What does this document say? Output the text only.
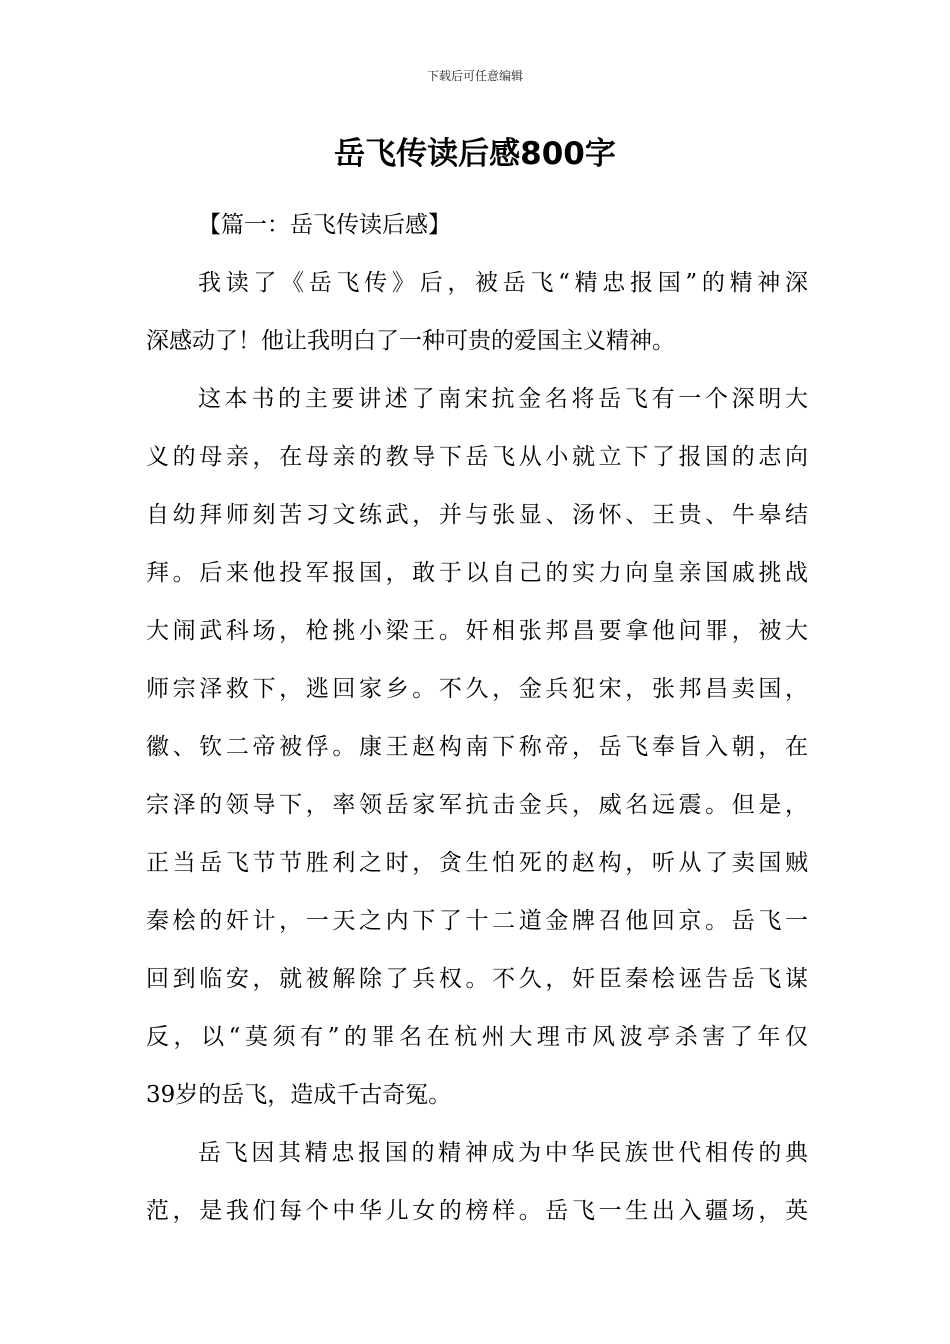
下载后可任意编辑
岳飞传读后感800字

【篇一：岳飞传读后感】

我读了《岳飞传》后，被岳飞“精忠报国”的精神深
深感动了！他让我明白了一种可贵的爱国主义精神。

这本书的主要讲述了南宋抗金名将岳飞有一个深明大
义的母亲，在母亲的教导下岳飞从小就立下了报国的志向
自幼拜师刻苦习文练武，并与张显、汤怀、王贵、牛皋结
拜。后来他投军报国，敢于以自己的实力向皇亲国戚挑战
大闹武科场，枪挑小梁王。奸相张邦昌要拿他问罪，被大
师宗泽救下，逃回家乡。不久，金兵犯宋，张邦昌卖国，
徽、钦二帝被俘。康王赵构南下称帝，岳飞奉旨入朝，在
宗泽的领导下，率领岳家军抗击金兵，威名远震。但是，
正当岳飞节节胜利之时，贪生怕死的赵构，听从了卖国贼
秦桧的奸计，一天之内下了十二道金牌召他回京。岳飞一
回到临安，就被解除了兵权。不久，奸臣秦桧诬告岳飞谋
反，以“莫须有”的罪名在杭州大理市风波亭杀害了年仅
39岁的岳飞，造成千古奇冤。

岳飞因其精忠报国的精神成为中华民族世代相传的典
范，是我们每个中华儿女的榜样。岳飞一生出入疆场，英
